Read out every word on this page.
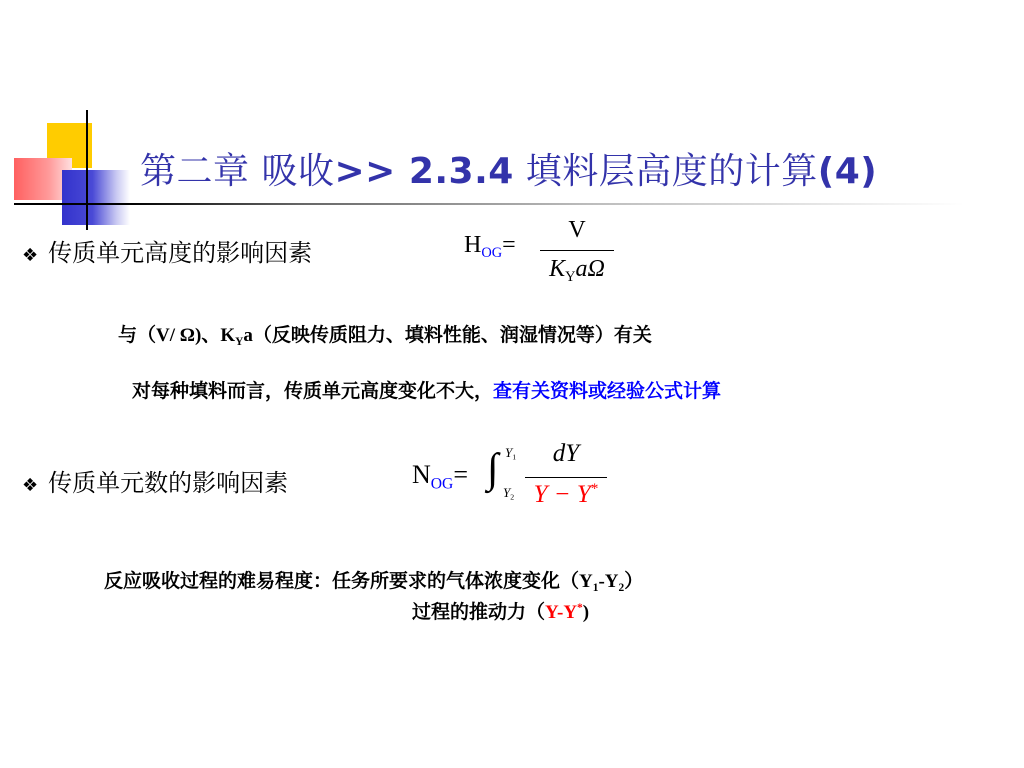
第二章 吸收>> 2.3.4 填料层高度的计算(4)
❖ 传质单元高度的影响因素	$H_{OG}=$
V
$K_Ya\Omega$
与（V/ Ω)、$K_Ya$（反映传质阻力、填料性能、润湿情况等）有关
对每种填料而言，传质单元高度变化不大，查有关资料或经验公式计算
❖ 传质单元数的影响因素	$N_{OG}=$ ∫ $Y_1$
$Y_2$
dY
Y − Y*
反应吸收过程的难易程度：任务所要求的气体浓度变化$(Y_1-Y_2)$
过程的推动力（Y-Y*)
